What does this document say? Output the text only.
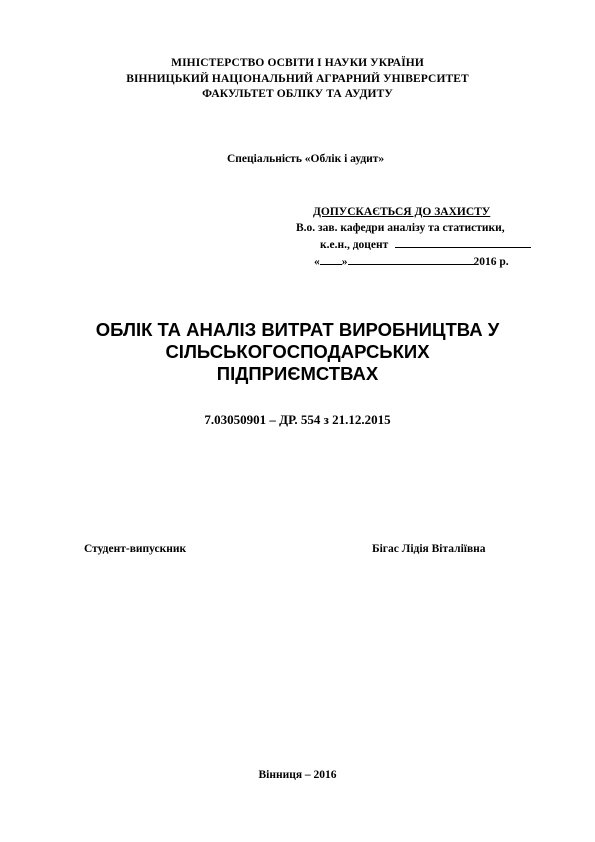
МІНІСТЕРСТВО ОСВІТИ І НАУКИ УКРАЇНИ
ВІННИЦЬКИЙ НАЦІОНАЛЬНИЙ АГРАРНИЙ УНІВЕРСИТЕТ
ФАКУЛЬТЕТ ОБЛІКУ ТА АУДИТУ
Спеціальність «Облік і аудит»
ДОПУСКАЄТЬСЯ ДО ЗАХИСТУ
В.о. зав. кафедри аналізу та статистики,
к.е.н., доцент
« »	2016 р.
ОБЛІК ТА АНАЛІЗ ВИТРАТ ВИРОБНИЦТВА У
СІЛЬСЬКОГОСПОДАРСЬКИХ
ПІДПРИЄМСТВАХ
7.03050901 – ДР. 554 з 21.12.2015
Студент-випускник	Бігас Лідія Віталіївна
Вінниця – 2016
